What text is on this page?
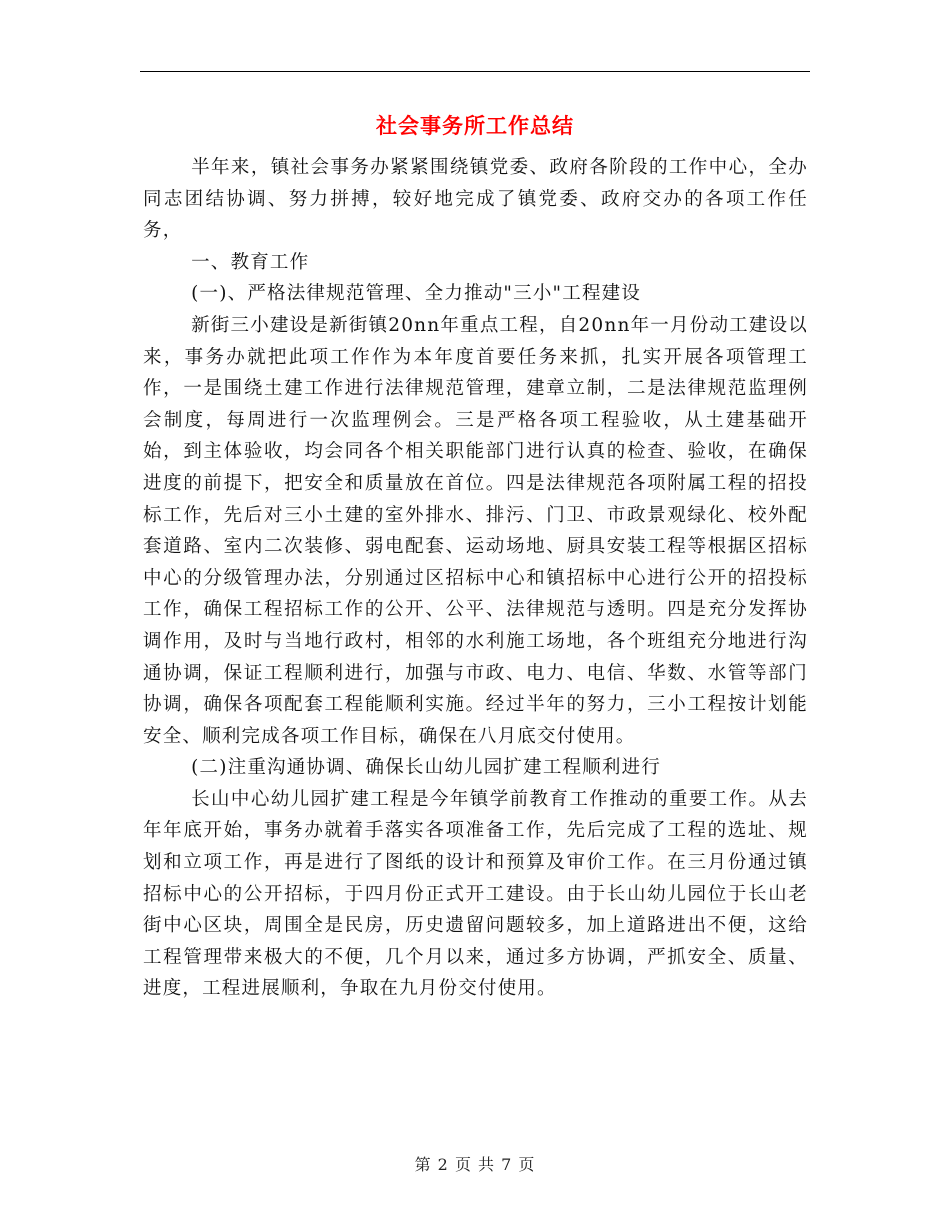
社会事务所工作总结

半年来，镇社会事务办紧紧围绕镇党委、政府各阶段的工作中心，全办同志团结协调、努力拼搏，较好地完成了镇党委、政府交办的各项工作任务，

一、教育工作

(一)、严格法律规范管理、全力推动"三小"工程建设

新街三小建设是新街镇20nn年重点工程，自20nn年一月份动工建设以来，事务办就把此项工作作为本年度首要任务来抓，扎实开展各项管理工作，一是围绕土建工作进行法律规范管理，建章立制，二是法律规范监理例会制度，每周进行一次监理例会。三是严格各项工程验收，从土建基础开始，到主体验收，均会同各个相关职能部门进行认真的检查、验收，在确保进度的前提下，把安全和质量放在首位。四是法律规范各项附属工程的招投标工作，先后对三小土建的室外排水、排污、门卫、市政景观绿化、校外配套道路、室内二次装修、弱电配套、运动场地、厨具安装工程等根据区招标中心的分级管理办法，分别通过区招标中心和镇招标中心进行公开的招投标工作，确保工程招标工作的公开、公平、法律规范与透明。四是充分发挥协调作用，及时与当地行政村，相邻的水利施工场地，各个班组充分地进行沟通协调，保证工程顺利进行，加强与市政、电力、电信、华数、水管等部门协调，确保各项配套工程能顺利实施。经过半年的努力，三小工程按计划能安全、顺利完成各项工作目标，确保在八月底交付使用。

(二)注重沟通协调、确保长山幼儿园扩建工程顺利进行

长山中心幼儿园扩建工程是今年镇学前教育工作推动的重要工作。从去年年底开始，事务办就着手落实各项准备工作，先后完成了工程的选址、规划和立项工作，再是进行了图纸的设计和预算及审价工作。在三月份通过镇招标中心的公开招标，于四月份正式开工建设。由于长山幼儿园位于长山老街中心区块，周围全是民房，历史遗留问题较多，加上道路进出不便，这给工程管理带来极大的不便，几个月以来，通过多方协调，严抓安全、质量、进度，工程进展顺利，争取在九月份交付使用。

第 2 页 共 7 页
